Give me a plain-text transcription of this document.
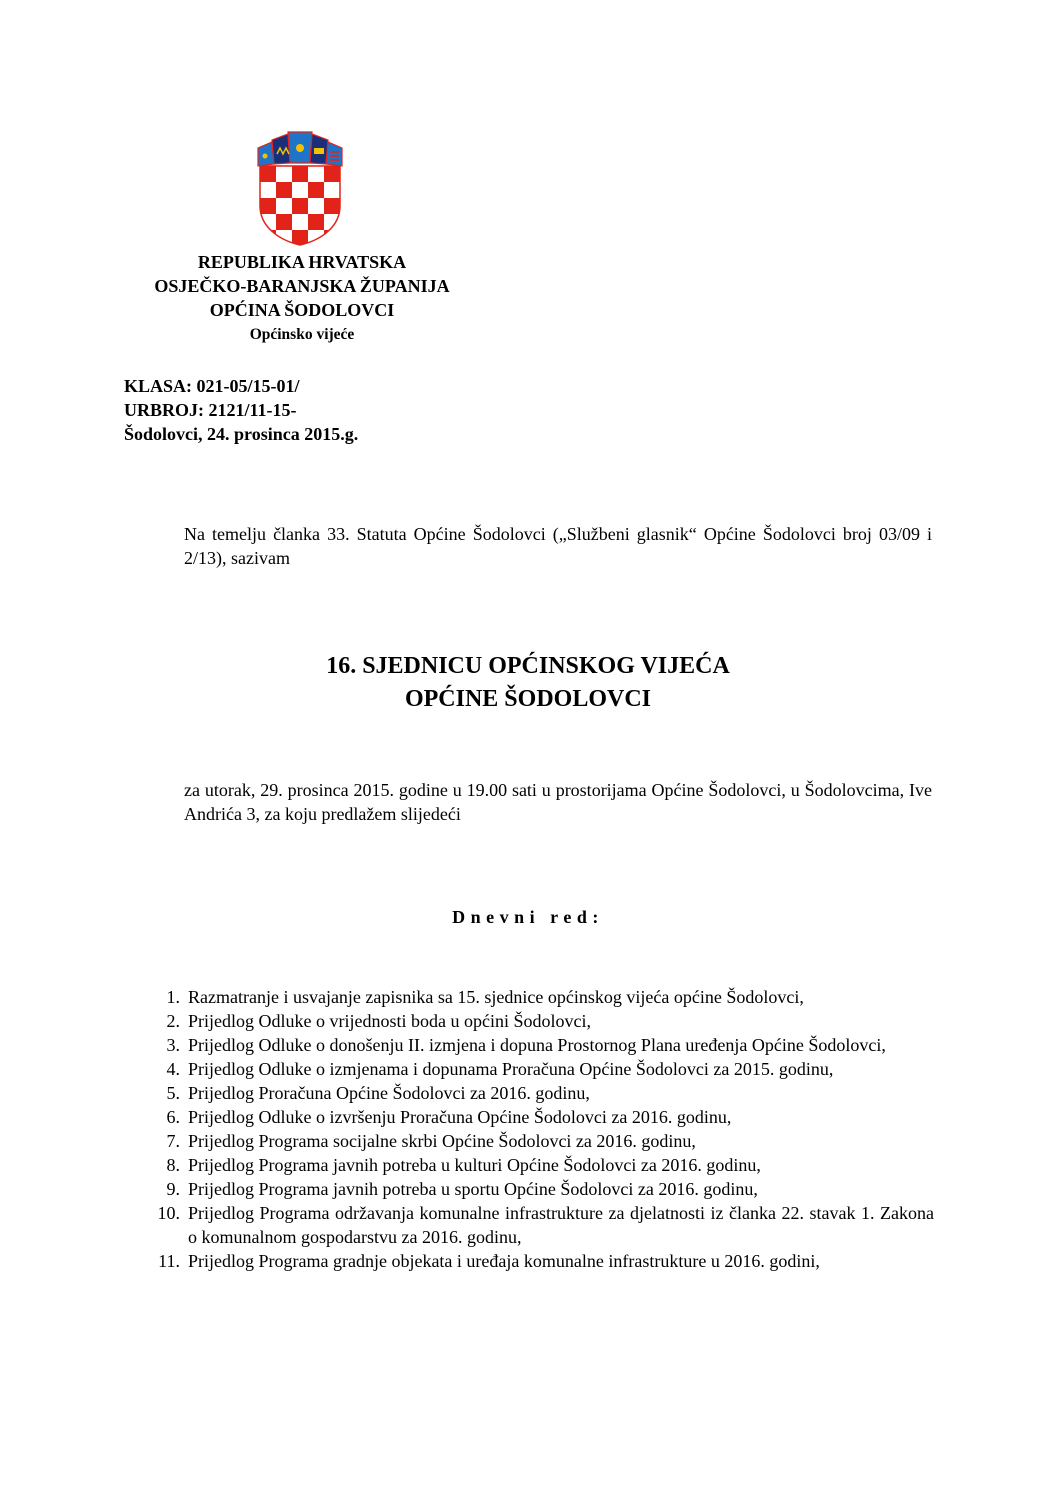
REPUBLIKA HRVATSKA
OSJEČKO-BARANJSKA ŽUPANIJA
OPĆINA ŠODOLOVCI
Općinsko vijeće
KLASA: 021-05/15-01/
URBROJ: 2121/11-15-
Šodolovci, 24. prosinca 2015.g.
Na temelju članka 33. Statuta Općine Šodolovci („Službeni glasnik“ Općine Šodolovci broj 03/09 i 2/13), sazivam
16. SJEDNICU OPĆINSKOG VIJEĆA
OPĆINE ŠODOLOVCI
za utorak, 29. prosinca 2015. godine u 19.00 sati u prostorijama Općine Šodolovci, u Šodolovcima, Ive Andrića 3, za koju predlažem slijedeći
Dnevni red:
1. Razmatranje i usvajanje zapisnika sa 15. sjednice općinskog vijeća općine Šodolovci,
2. Prijedlog Odluke o vrijednosti boda u općini Šodolovci,
3. Prijedlog Odluke o donošenju II. izmjena i dopuna Prostornog Plana uređenja Općine Šodolovci,
4. Prijedlog Odluke o izmjenama i dopunama Proračuna Općine Šodolovci za 2015. godinu,
5. Prijedlog Proračuna Općine Šodolovci za 2016. godinu,
6. Prijedlog Odluke o izvršenju Proračuna Općine Šodolovci za 2016. godinu,
7. Prijedlog Programa socijalne skrbi Općine Šodolovci za 2016. godinu,
8. Prijedlog Programa javnih potreba u kulturi Općine Šodolovci za 2016. godinu,
9. Prijedlog Programa javnih potreba u sportu Općine Šodolovci za 2016. godinu,
10. Prijedlog Programa održavanja komunalne infrastrukture za djelatnosti iz članka 22. stavak 1. Zakona o komunalnom gospodarstvu za 2016. godinu,
11. Prijedlog Programa gradnje objekata i uređaja komunalne infrastrukture u 2016. godini,
